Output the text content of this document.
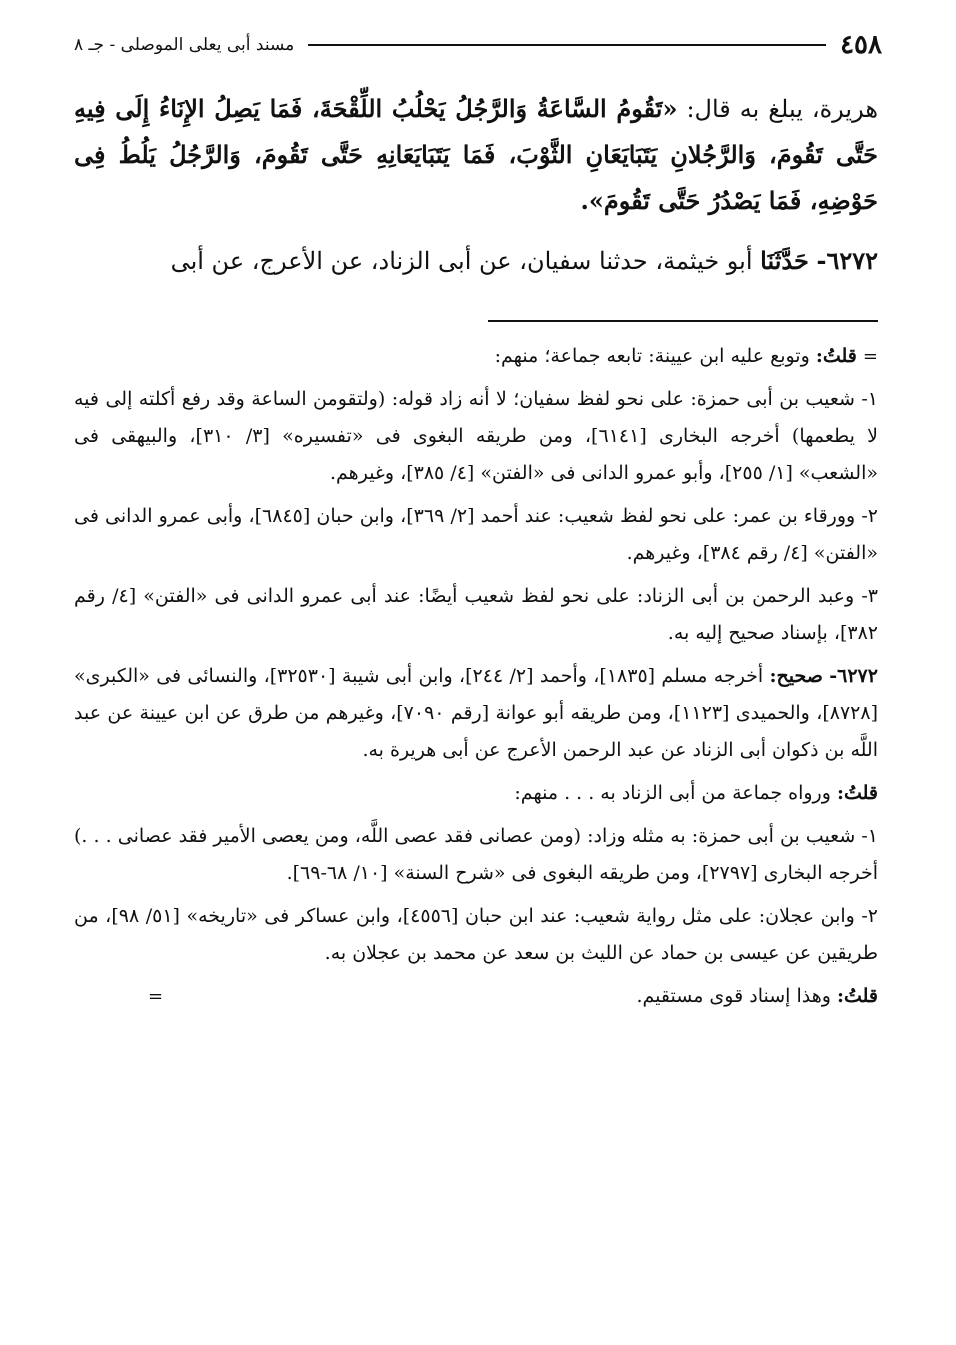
٤٥٨
مسند أبى يعلى الموصلى - جـ ٨

هريرة، يبلغ به قال: «تَقُومُ السَّاعَةُ وَالرَّجُلُ يَحْلُبُ اللِّقْحَةَ، فَمَا يَصِلُ الإِنَاءُ إِلَى فِيهِ حَتَّى تَقُومَ، وَالرَّجُلانِ يَتَبَايَعَانِ الثَّوْبَ، فَمَا يَتَبَايَعَانِهِ حَتَّى تَقُومَ، وَالرَّجُلُ يَلُطُ فِى حَوْضِهِ، فَمَا يَصْدُرُ حَتَّى تَقُومَ».

٦٢٧٢- حَدَّثَنَا أبو خيثمة، حدثنا سفيان، عن أبى الزناد، عن الأعرج، عن أبى

= قلتُ: وتوبع عليه ابن عيينة: تابعه جماعة؛ منهم:

١- شعيب بن أبى حمزة: على نحو لفظ سفيان؛ لا أنه زاد قوله: (ولتقومن الساعة وقد رفع أكلته إلى فيه لا يطعمها) أخرجه البخارى [٦١٤١]، ومن طريقه البغوى فى «تفسيره» [٣/ ٣١٠]، والبيهقى فى «الشعب» [١/ ٢٥٥]، وأبو عمرو الدانى فى «الفتن» [٤/ ٣٨٥]، وغيرهم.

٢- وورقاء بن عمر: على نحو لفظ شعيب: عند أحمد [٢/ ٣٦٩]، وابن حبان [٦٨٤٥]، وأبى عمرو الدانى فى «الفتن» [٤/ رقم ٣٨٤]، وغيرهم.

٣- وعبد الرحمن بن أبى الزناد: على نحو لفظ شعيب أيضًا: عند أبى عمرو الدانى فى «الفتن» [٤/ رقم ٣٨٢]، بإسناد صحيح إليه به.

٦٢٧٢- صحيح: أخرجه مسلم [١٨٣٥]، وأحمد [٢/ ٢٤٤]، وابن أبى شيبة [٣٢٥٣٠]، والنسائى فى «الكبرى» [٨٧٢٨]، والحميدى [١١٢٣]، ومن طريقه أبو عوانة [رقم ٧٠٩٠]، وغيرهم من طرق عن ابن عيينة عن عبد اللَّه بن ذكوان أبى الزناد عن عبد الرحمن الأعرج عن أبى هريرة به.

قلتُ: ورواه جماعة من أبى الزناد به . . . منهم:

١- شعيب بن أبى حمزة: به مثله وزاد: (ومن عصانى فقد عصى اللَّه، ومن يعصى الأمير فقد عصانى . . .) أخرجه البخارى [٢٧٩٧]، ومن طريقه البغوى فى «شرح السنة» [١٠/ ٦٨-٦٩].

٢- وابن عجلان: على مثل رواية شعيب: عند ابن حبان [٤٥٥٦]، وابن عساكر فى «تاريخه» [٥١/ ٩٨]، من طريقين عن عيسى بن حماد عن الليث بن سعد عن محمد بن عجلان به.

قلتُ: وهذا إسناد قوى مستقيم.
=
